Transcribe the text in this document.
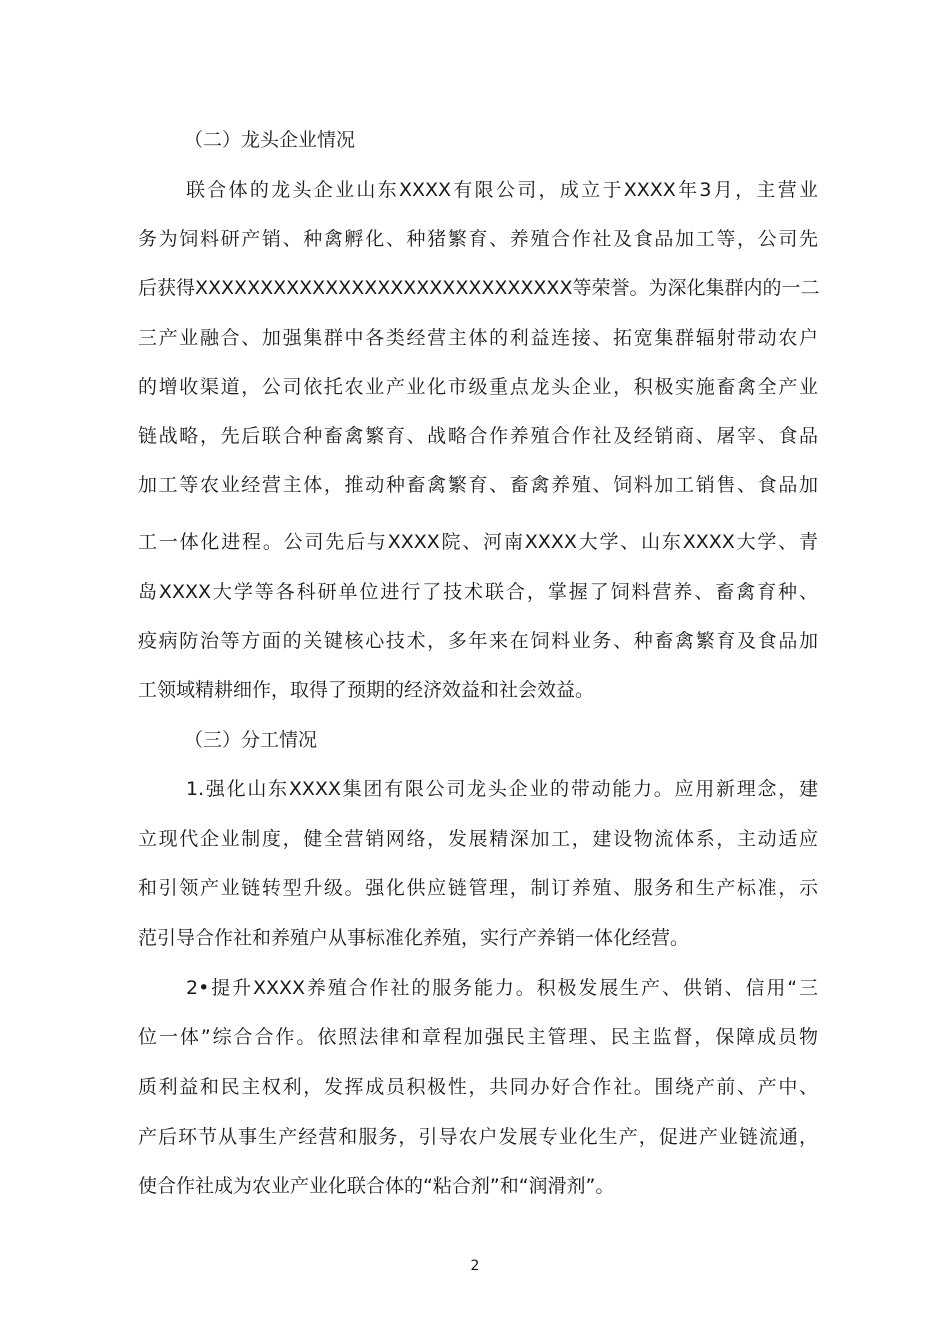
（二）龙头企业情况
联合体的龙头企业山东XXXX有限公司，成立于XXXX年3月，主营业
务为饲料研产销、种禽孵化、种猪繁育、养殖合作社及食品加工等，公司先
后获得XXXXXXXXXXXXXXXXXXXXXXXXXXXXX等荣誉。为深化集群内的一二
三产业融合、加强集群中各类经营主体的利益连接、拓宽集群辐射带动农户
的增收渠道，公司依托农业产业化市级重点龙头企业，积极实施畜禽全产业
链战略，先后联合种畜禽繁育、战略合作养殖合作社及经销商、屠宰、食品
加工等农业经营主体，推动种畜禽繁育、畜禽养殖、饲料加工销售、食品加
工一体化进程。公司先后与XXXX院、河南XXXX大学、山东XXXX大学、青
岛XXXX大学等各科研单位进行了技术联合，掌握了饲料营养、畜禽育种、
疫病防治等方面的关键核心技术，多年来在饲料业务、种畜禽繁育及食品加
工领域精耕细作，取得了预期的经济效益和社会效益。
（三）分工情况
1.强化山东XXXX集团有限公司龙头企业的带动能力。应用新理念，建
立现代企业制度，健全营销网络，发展精深加工，建设物流体系，主动适应
和引领产业链转型升级。强化供应链管理，制订养殖、服务和生产标准，示
范引导合作社和养殖户从事标准化养殖，实行产养销一体化经营。
2•提升XXXX养殖合作社的服务能力。积极发展生产、供销、信用“三
位一体”综合合作。依照法律和章程加强民主管理、民主监督，保障成员物
质利益和民主权利，发挥成员积极性，共同办好合作社。围绕产前、产中、
产后环节从事生产经营和服务，引导农户发展专业化生产，促进产业链流通，
使合作社成为农业产业化联合体的“粘合剂”和“润滑剂”。
2
